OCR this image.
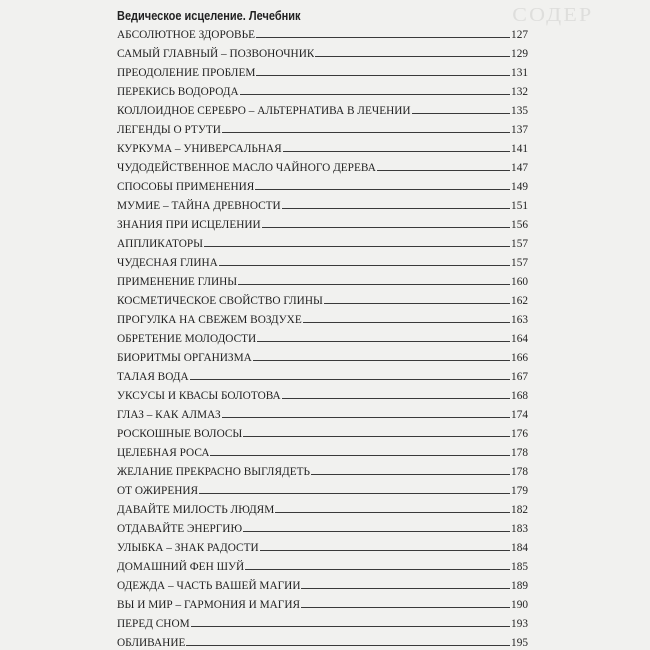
СОДЕР
Ведическое исцеление. Лечебник
АБСОЛЮТНОЕ ЗДОРОВЬЕ	127
САМЫЙ ГЛАВНЫЙ – ПОЗВОНОЧНИК	129
ПРЕОДОЛЕНИЕ ПРОБЛЕМ	131
ПЕРЕКИСЬ ВОДОРОДА	132
КОЛЛОИДНОЕ СЕРЕБРО – АЛЬТЕРНАТИВА В ЛЕЧЕНИИ	135
ЛЕГЕНДЫ О РТУТИ	137
КУРКУМА – УНИВЕРСАЛЬНАЯ	141
ЧУДОДЕЙСТВЕННОЕ МАСЛО ЧАЙНОГО ДЕРЕВА	147
СПОСОБЫ ПРИМЕНЕНИЯ	149
МУМИЕ – ТАЙНА ДРЕВНОСТИ	151
ЗНАНИЯ ПРИ ИСЦЕЛЕНИИ	156
АППЛИКАТОРЫ	157
ЧУДЕСНАЯ ГЛИНА	157
ПРИМЕНЕНИЕ ГЛИНЫ	160
КОСМЕТИЧЕСКОЕ СВОЙСТВО ГЛИНЫ	162
ПРОГУЛКА НА СВЕЖЕМ ВОЗДУХЕ	163
ОБРЕТЕНИЕ МОЛОДОСТИ	164
БИОРИТМЫ ОРГАНИЗМА	166
ТАЛАЯ ВОДА	167
УКСУСЫ И КВАСЫ БОЛОТОВА	168
ГЛАЗ – КАК АЛМАЗ	174
РОСКОШНЫЕ ВОЛОСЫ	176
ЦЕЛЕБНАЯ РОСА	178
ЖЕЛАНИЕ ПРЕКРАСНО ВЫГЛЯДЕТЬ	178
ОТ ОЖИРЕНИЯ	179
ДАВАЙТЕ МИЛОСТЬ ЛЮДЯМ	182
ОТДАВАЙТЕ ЭНЕРГИЮ	183
УЛЫБКА – ЗНАК РАДОСТИ	184
ДОМАШНИЙ ФЕН ШУЙ	185
ОДЕЖДА – ЧАСТЬ ВАШЕЙ МАГИИ	189
ВЫ И МИР – ГАРМОНИЯ И МАГИЯ	190
ПЕРЕД СНОМ	193
ОБЛИВАНИЕ	195
